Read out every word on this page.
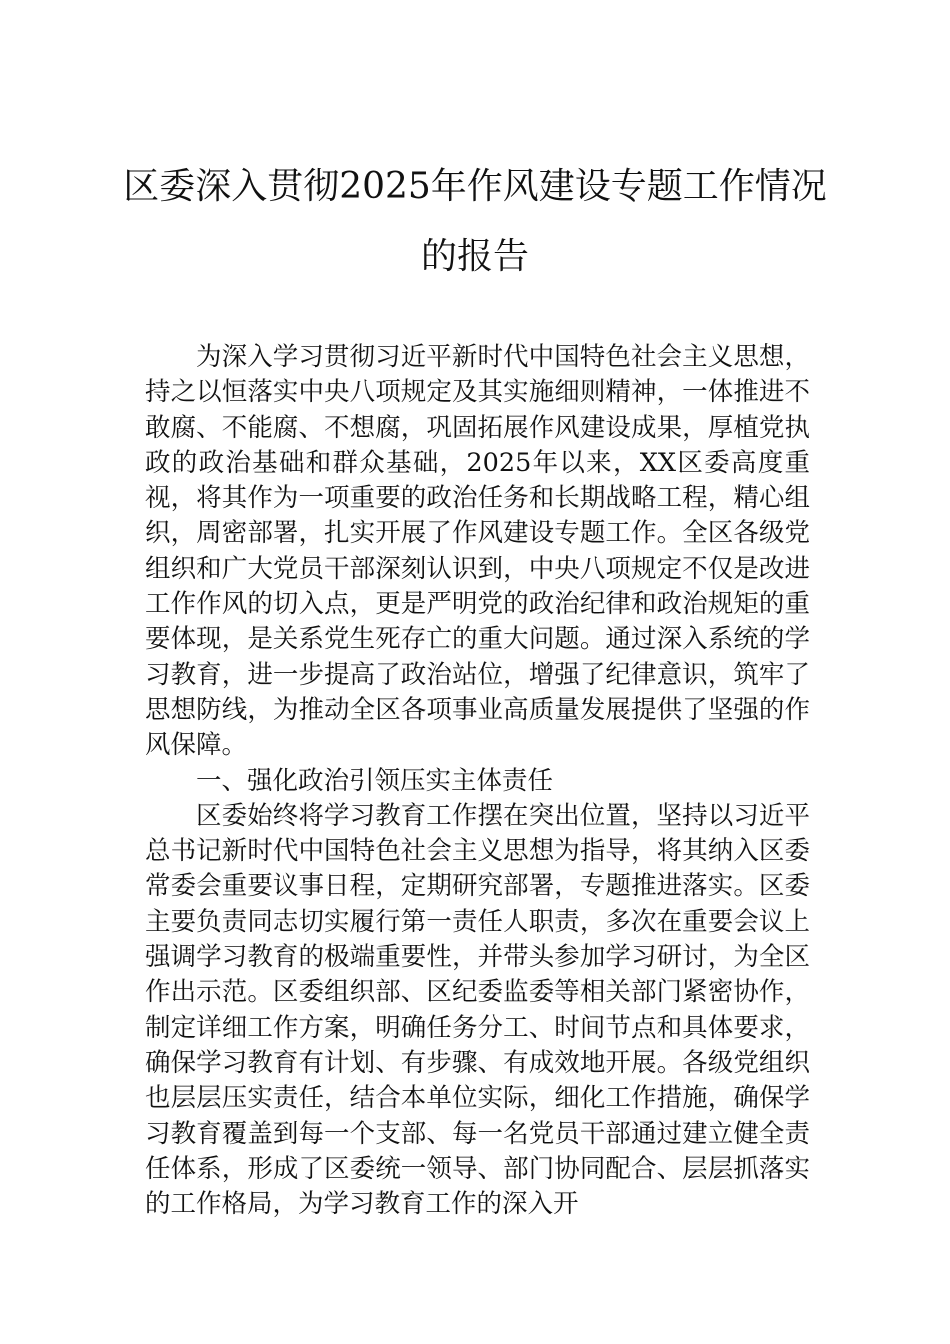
区委深入贯彻2025年作风建设专题工作情况的报告

为深入学习贯彻习近平新时代中国特色社会主义思想，持之以恒落实中央八项规定及其实施细则精神，一体推进不敢腐、不能腐、不想腐，巩固拓展作风建设成果，厚植党执政的政治基础和群众基础，2025年以来，XX区委高度重视，将其作为一项重要的政治任务和长期战略工程，精心组织，周密部署，扎实开展了作风建设专题工作。全区各级党组织和广大党员干部深刻认识到，中央八项规定不仅是改进工作作风的切入点，更是严明党的政治纪律和政治规矩的重要体现，是关系党生死存亡的重大问题。通过深入系统的学习教育，进一步提高了政治站位，增强了纪律意识，筑牢了思想防线，为推动全区各项事业高质量发展提供了坚强的作风保障。

一、强化政治引领压实主体责任

区委始终将学习教育工作摆在突出位置，坚持以习近平总书记新时代中国特色社会主义思想为指导，将其纳入区委常委会重要议事日程，定期研究部署，专题推进落实。区委主要负责同志切实履行第一责任人职责，多次在重要会议上强调学习教育的极端重要性，并带头参加学习研讨，为全区作出示范。区委组织部、区纪委监委等相关部门紧密协作，制定详细工作方案，明确任务分工、时间节点和具体要求，确保学习教育有计划、有步骤、有成效地开展。各级党组织也层层压实责任，结合本单位实际，细化工作措施，确保学习教育覆盖到每一个支部、每一名党员干部通过建立健全责任体系，形成了区委统一领导、部门协同配合、层层抓落实的工作格局，为学习教育工作的深入开
